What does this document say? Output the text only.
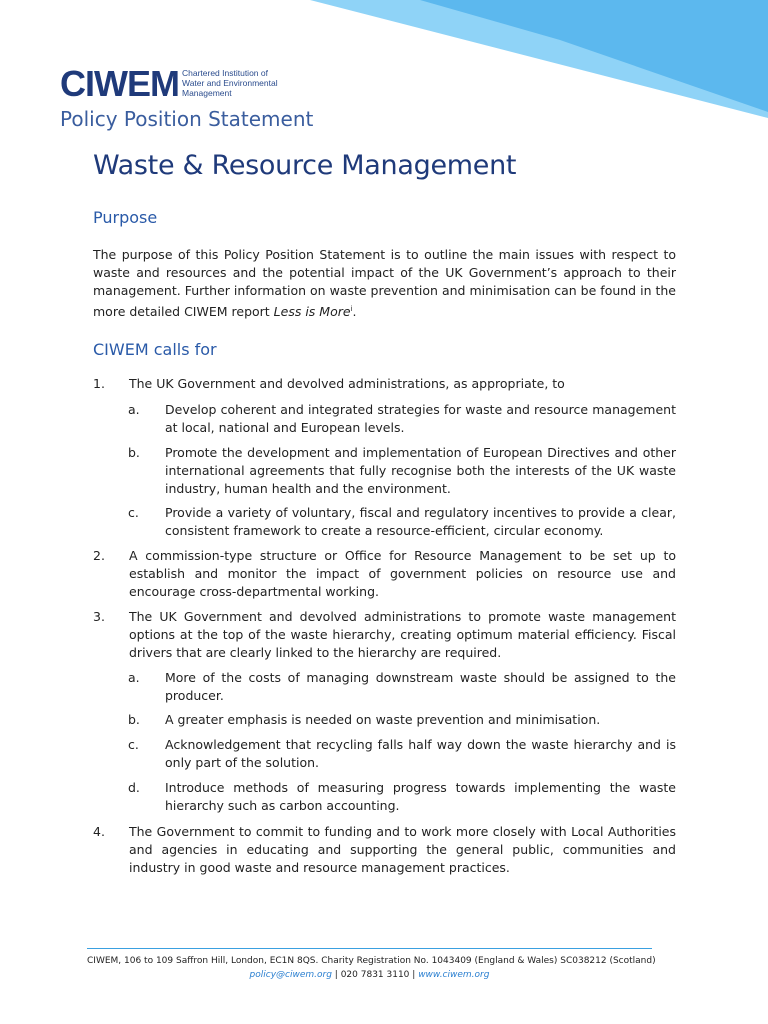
CIWEM Chartered Institution of
Water and Environmental
Management
Policy Position Statement
Waste & Resource Management
Purpose

The purpose of this Policy Position Statement is to outline the main issues with respect to waste and resources and the potential impact of the UK Government’s approach to their management. Further information on waste prevention and minimisation can be found in the more detailed CIWEM report Less is More$^i$.

CIWEM calls for
1. The UK Government and devolved administrations, as appropriate, to
a. Develop coherent and integrated strategies for waste and resource management at local, national and European levels.
b. Promote the development and implementation of European Directives and other international agreements that fully recognise both the interests of the UK waste industry, human health and the environment.
c. Provide a variety of voluntary, fiscal and regulatory incentives to provide a clear, consistent framework to create a resource-efficient, circular economy.
2. A commission-type structure or Office for Resource Management to be set up to establish and monitor the impact of government policies on resource use and encourage cross-departmental working.
3. The UK Government and devolved administrations to promote waste management options at the top of the waste hierarchy, creating optimum material efficiency. Fiscal drivers that are clearly linked to the hierarchy are required.
a. More of the costs of managing downstream waste should be assigned to the producer.
b. A greater emphasis is needed on waste prevention and minimisation.
c. Acknowledgement that recycling falls half way down the waste hierarchy and is only part of the solution.
d. Introduce methods of measuring progress towards implementing the waste hierarchy such as carbon accounting.
4. The Government to commit to funding and to work more closely with Local Authorities and agencies in educating and supporting the general public, communities and industry in good waste and resource management practices.
CIWEM, 106 to 109 Saffron Hill, London, EC1N 8QS. Charity Registration No. 1043409 (England & Wales) SC038212 (Scotland)
policy@ciwem.org | 020 7831 3110 | www.ciwem.org
